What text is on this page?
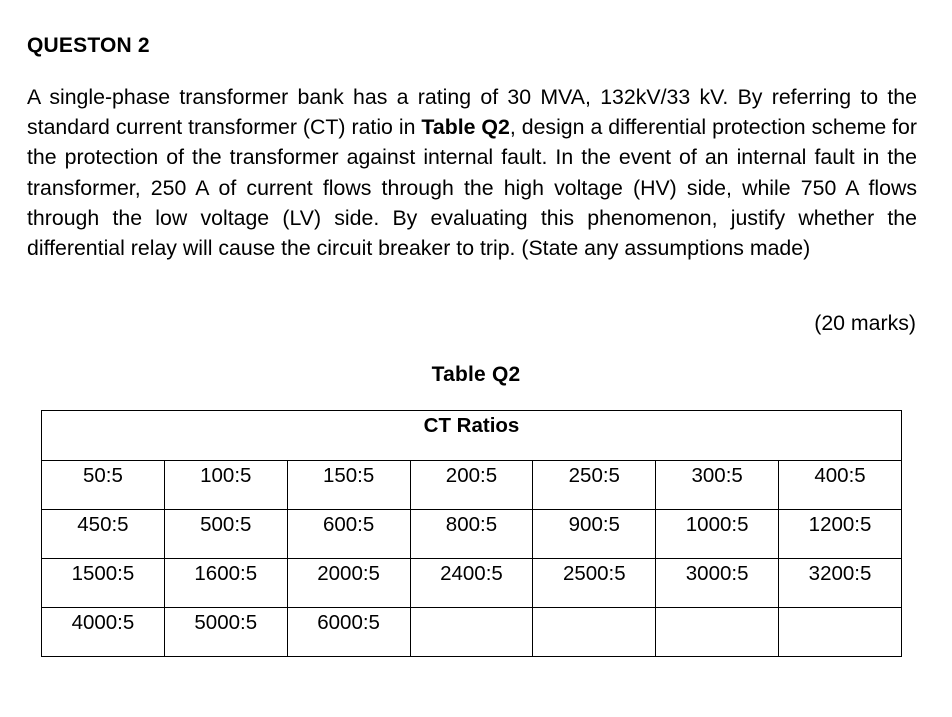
QUESTON 2
A single-phase transformer bank has a rating of 30 MVA, 132kV/33 kV. By referring to the standard current transformer (CT) ratio in Table Q2, design a differential protection scheme for the protection of the transformer against internal fault. In the event of an internal fault in the transformer, 250 A of current flows through the high voltage (HV) side, while 750 A flows through the low voltage (LV) side. By evaluating this phenomenon, justify whether the differential relay will cause the circuit breaker to trip. (State any assumptions made)
(20 marks)
Table Q2
CT Ratios						
50:5	100:5	150:5	200:5	250:5	300:5	400:5
450:5	500:5	600:5	800:5	900:5	1000:5	1200:5
1500:5	1600:5	2000:5	2400:5	2500:5	3000:5	3200:5
4000:5	5000:5	6000:5				
